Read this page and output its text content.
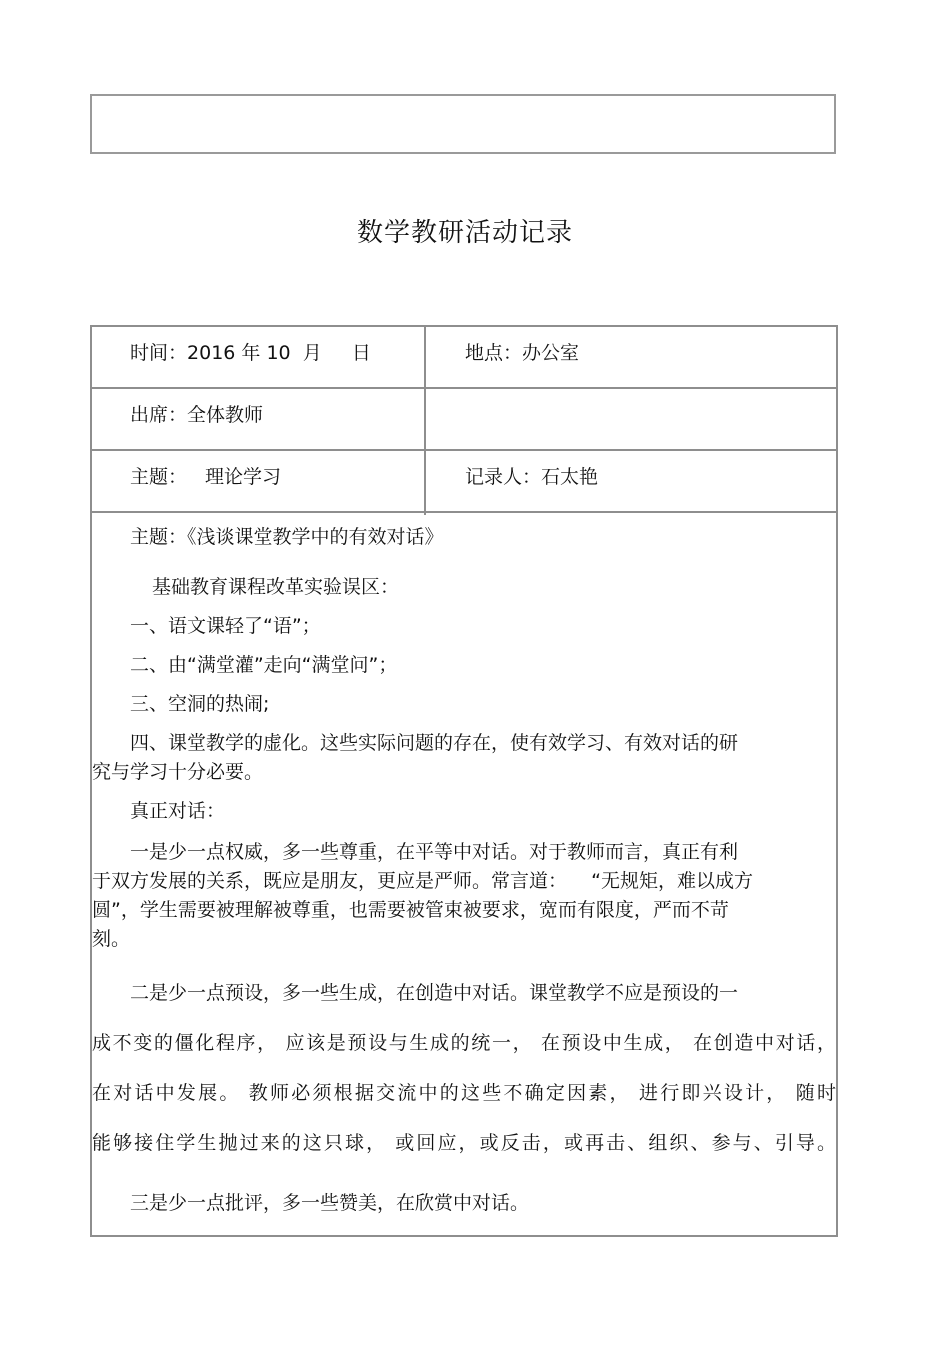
数学教研活动记录
时间：2016 年 10  月     日	地点：办公室
出席：全体教师
主题： 理论学习	记录人：石太艳
主题：《浅谈课堂教学中的有效对话》
基础教育课程改革实验误区：
一、语文课轻了“语”；
二、由“满堂灌”走向“满堂问”；
三、空洞的热闹;
四、课堂教学的虚化。这些实际问题的存在，使有效学习、有效对话的研
究与学习十分必要。
真正对话：
一是少一点权威，多一些尊重，在平等中对话。对于教师而言，真正有利
于双方发展的关系，既应是朋友，更应是严师。常言道：    “无规矩，难以成方
圆”，学生需要被理解被尊重，也需要被管束被要求，宽而有限度，严而不苛
刻。
二是少一点预设，多一些生成，在创造中对话。课堂教学不应是预设的一
成不变的僵化程序， 应该是预设与生成的统一， 在预设中生成， 在创造中对话，
在对话中发展。 教师必须根据交流中的这些不确定因素， 进行即兴设计， 随时
能够接住学生抛过来的这只球， 或回应，或反击，或再击、组织、参与、引导。
三是少一点批评，多一些赞美，在欣赏中对话。
